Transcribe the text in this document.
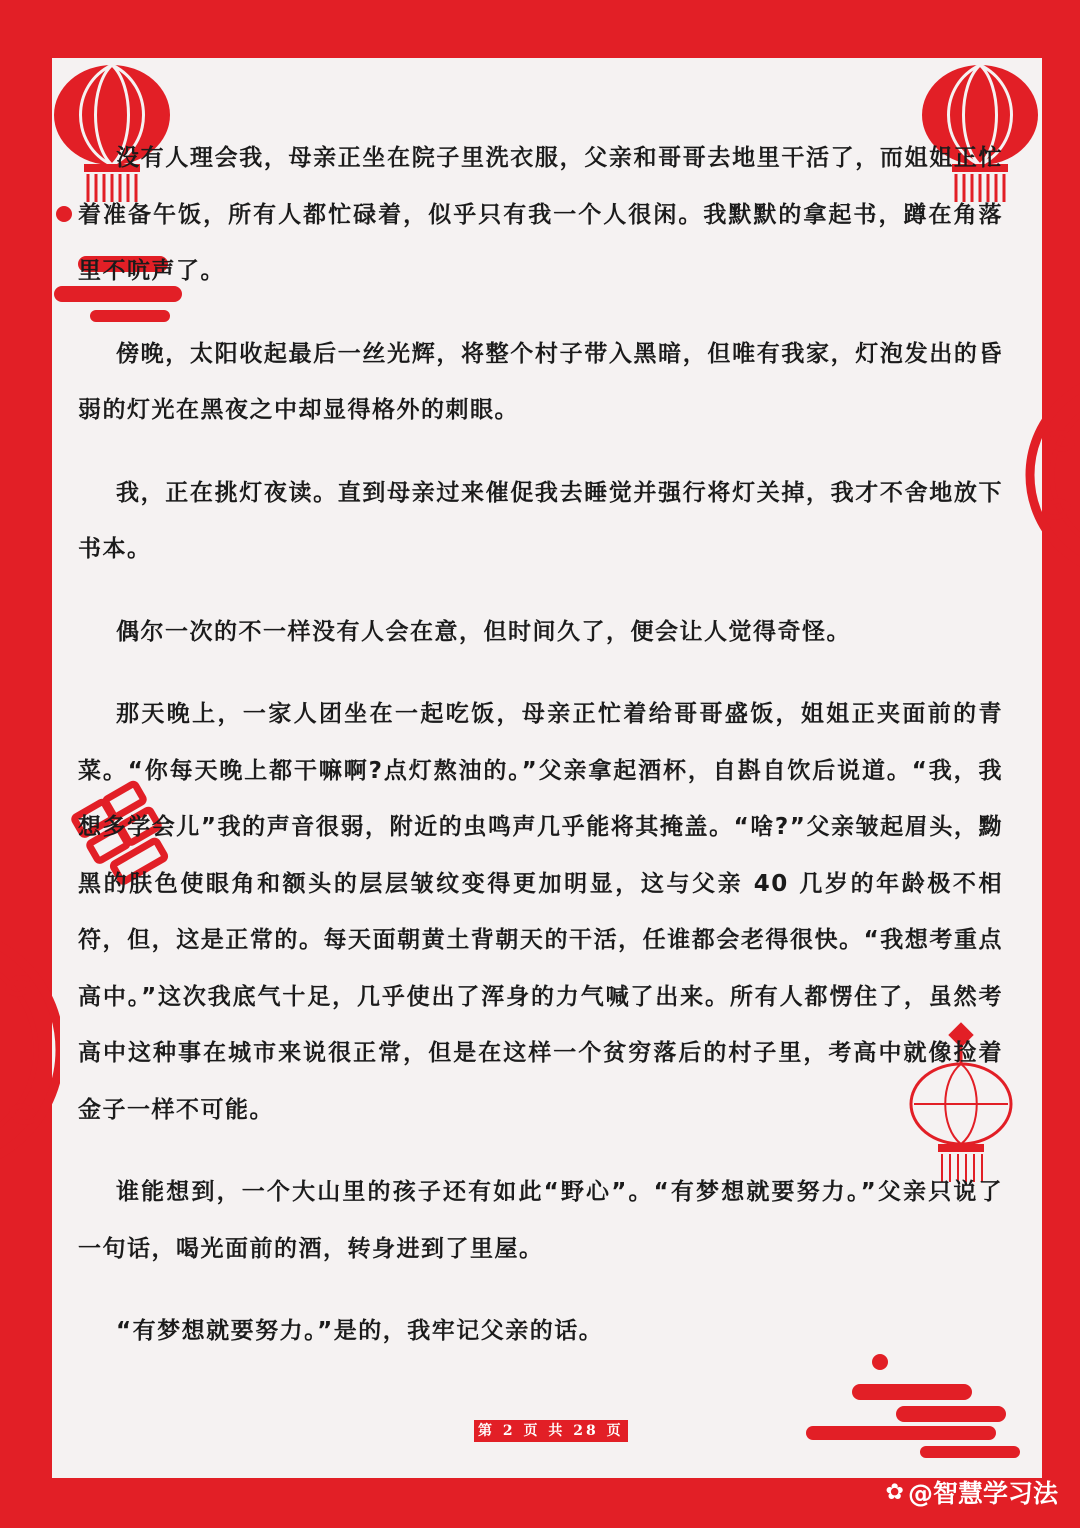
没有人理会我，母亲正坐在院子里洗衣服，父亲和哥哥去地里干活了，而姐姐正忙着准备午饭，所有人都忙碌着，似乎只有我一个人很闲。我默默的拿起书，蹲在角落里不吭声了。

傍晚，太阳收起最后一丝光辉，将整个村子带入黑暗，但唯有我家，灯泡发出的昏弱的灯光在黑夜之中却显得格外的刺眼。

我，正在挑灯夜读。直到母亲过来催促我去睡觉并强行将灯关掉，我才不舍地放下书本。

偶尔一次的不一样没有人会在意，但时间久了，便会让人觉得奇怪。

那天晚上，一家人团坐在一起吃饭，母亲正忙着给哥哥盛饭，姐姐正夹面前的青菜。“你每天晚上都干嘛啊?点灯熬油的。”父亲拿起酒杯，自斟自饮后说道。“我，我想多学会儿”我的声音很弱，附近的虫鸣声几乎能将其掩盖。“啥?”父亲皱起眉头，黝黑的肤色使眼角和额头的层层皱纹变得更加明显，这与父亲 40 几岁的年龄极不相符，但，这是正常的。每天面朝黄土背朝天的干活，任谁都会老得很快。“我想考重点高中。”这次我底气十足，几乎使出了浑身的力气喊了出来。所有人都愣住了，虽然考高中这种事在城市来说很正常，但是在这样一个贫穷落后的村子里，考高中就像捡着金子一样不可能。

谁能想到，一个大山里的孩子还有如此“野心”。“有梦想就要努力。”父亲只说了一句话，喝光面前的酒，转身进到了里屋。

“有梦想就要努力。”是的，我牢记父亲的话。

第 2 页 共 28 页
✿ @智慧学习法
